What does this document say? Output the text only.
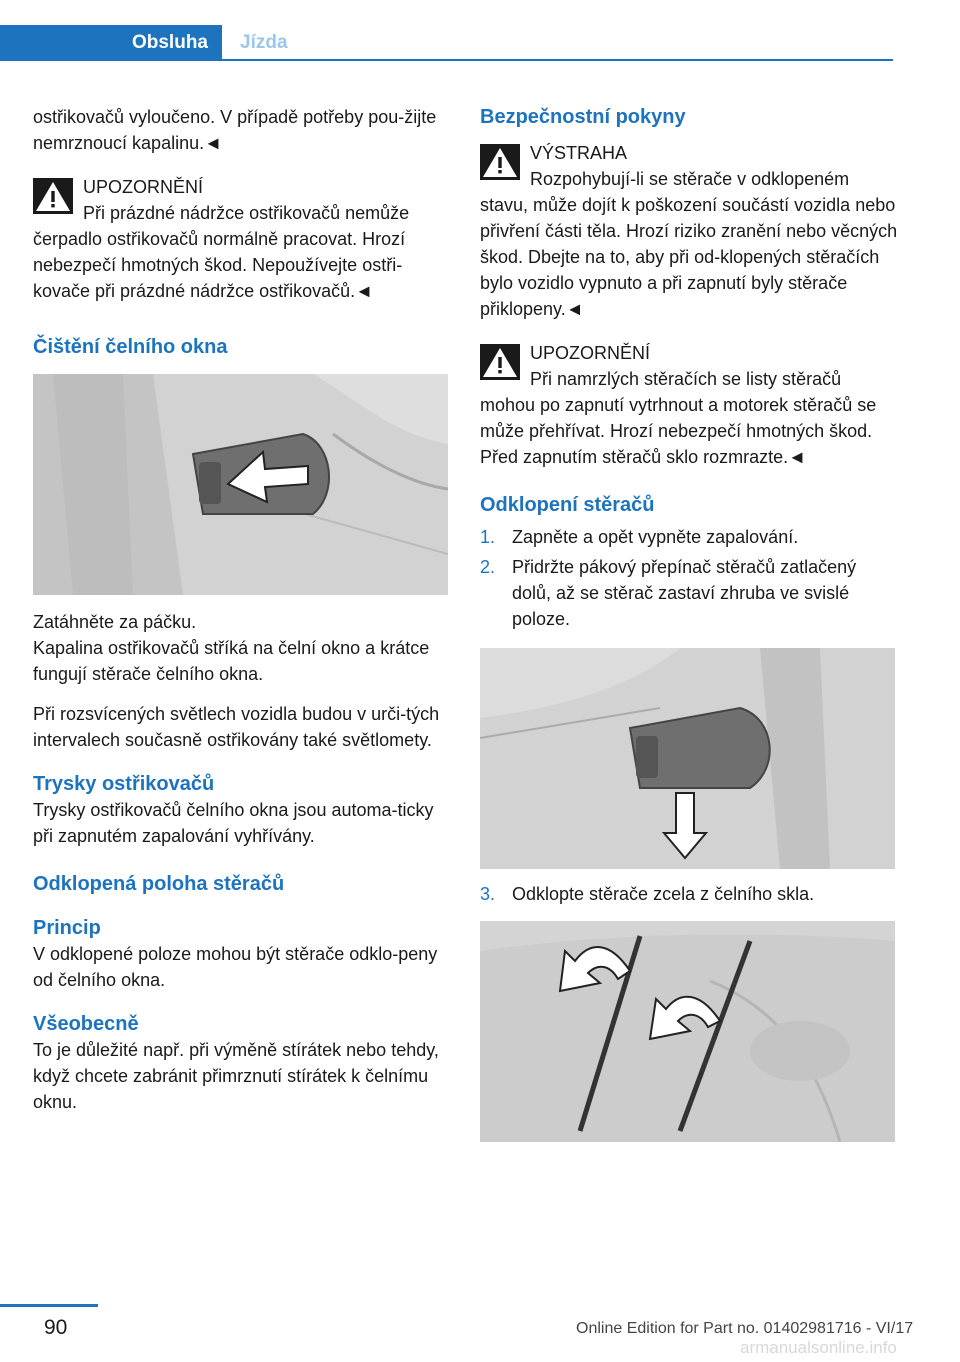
Obsluha	Jízda

ostřikovačů vyloučeno. V případě potřeby pou‐žijte nemrznoucí kapalinu.◄

UPOZORNĚNÍ
Při prázdné nádržce ostřikovačů nemůže čerpadlo ostřikovačů normálně pracovat. Hrozí nebezpečí hmotných škod. Nepoužívejte ostři‐kovače při prázdné nádržce ostřikovačů.◄
Čištění čelního okna

Zatáhněte za páčku.

Kapalina ostřikovačů stříká na čelní okno a krátce fungují stěrače čelního okna.

Při rozsvícených světlech vozidla budou v urči‐tých intervalech současně ostřikovány také světlomety.

Trysky ostřikovačů

Trysky ostřikovačů čelního okna jsou automa‐ticky při zapnutém zapalování vyhřívány.

Odklopená poloha stěračů
Princip

V odklopené poloze mohou být stěrače odklo‐peny od čelního okna.

Všeobecně

To je důležité např. při výměně stírátek nebo tehdy, když chcete zabránit přimrznutí stírátek k čelnímu oknu.

Bezpečnostní pokyny
VÝSTRAHA
Rozpohybují-li se stěrače v odklopeném stavu, může dojít k poškození součástí vozidla nebo přivření části těla. Hrozí riziko zranění nebo věcných škod. Dbejte na to, aby při od‐klopených stěračích bylo vozidlo vypnuto a při zapnutí byly stěrače přiklopeny.◄
UPOZORNĚNÍ
Při namrzlých stěračích se listy stěračů mohou po zapnutí vytrhnout a motorek stěračů se může přehřívat. Hrozí nebezpečí hmotných škod. Před zapnutím stěračů sklo rozmrazte.◄
Odklopení stěračů
1. Zapněte a opět vypněte zapalování.
2. Přidržte pákový přepínač stěračů zatlačený dolů, až se stěrač zastaví zhruba ve svislé poloze.
3. Odklopte stěrače zcela z čelního skla.
90	Online Edition for Part no. 01402981716 - VI/17
armanualsonline.info
